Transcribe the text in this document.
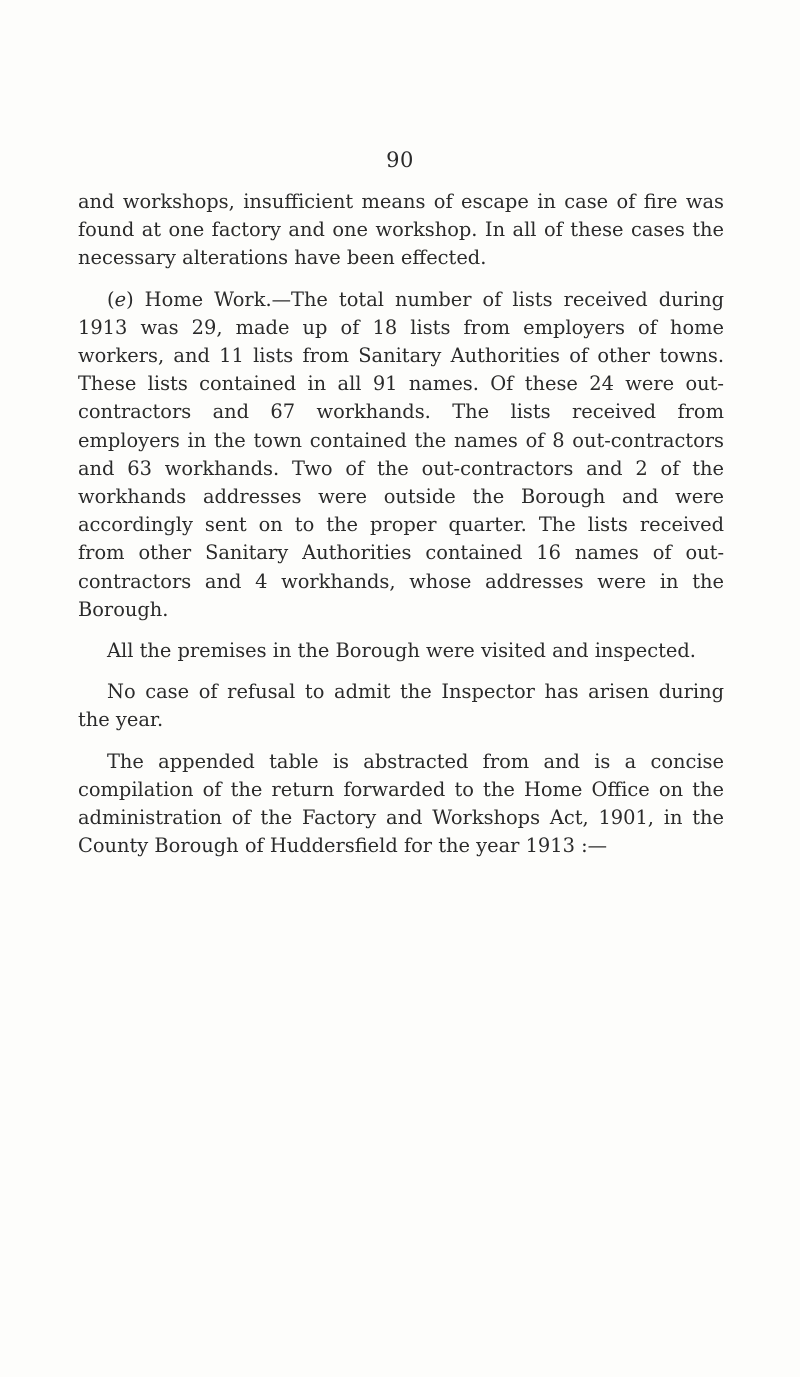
90

and workshops, insufficient means of escape in case of fire was found at one factory and one workshop. In all of these cases the necessary alterations have been effected.

(e) Home Work.—The total number of lists received during 1913 was 29, made up of 18 lists from employers of home workers, and 11 lists from Sanitary Authorities of other towns. These lists contained in all 91 names. Of these 24 were out-contractors and 67 workhands. The lists received from employers in the town contained the names of 8 out-contractors and 63 workhands. Two of the out-contractors and 2 of the workhands addresses were outside the Borough and were accordingly sent on to the proper quarter. The lists received from other Sanitary Authorities contained 16 names of out-contractors and 4 workhands, whose addresses were in the Borough.

All the premises in the Borough were visited and inspected.

No case of refusal to admit the Inspector has arisen during the year.

The appended table is abstracted from and is a concise compilation of the return forwarded to the Home Office on the administration of the Factory and Workshops Act, 1901, in the County Borough of Huddersfield for the year 1913 :—
